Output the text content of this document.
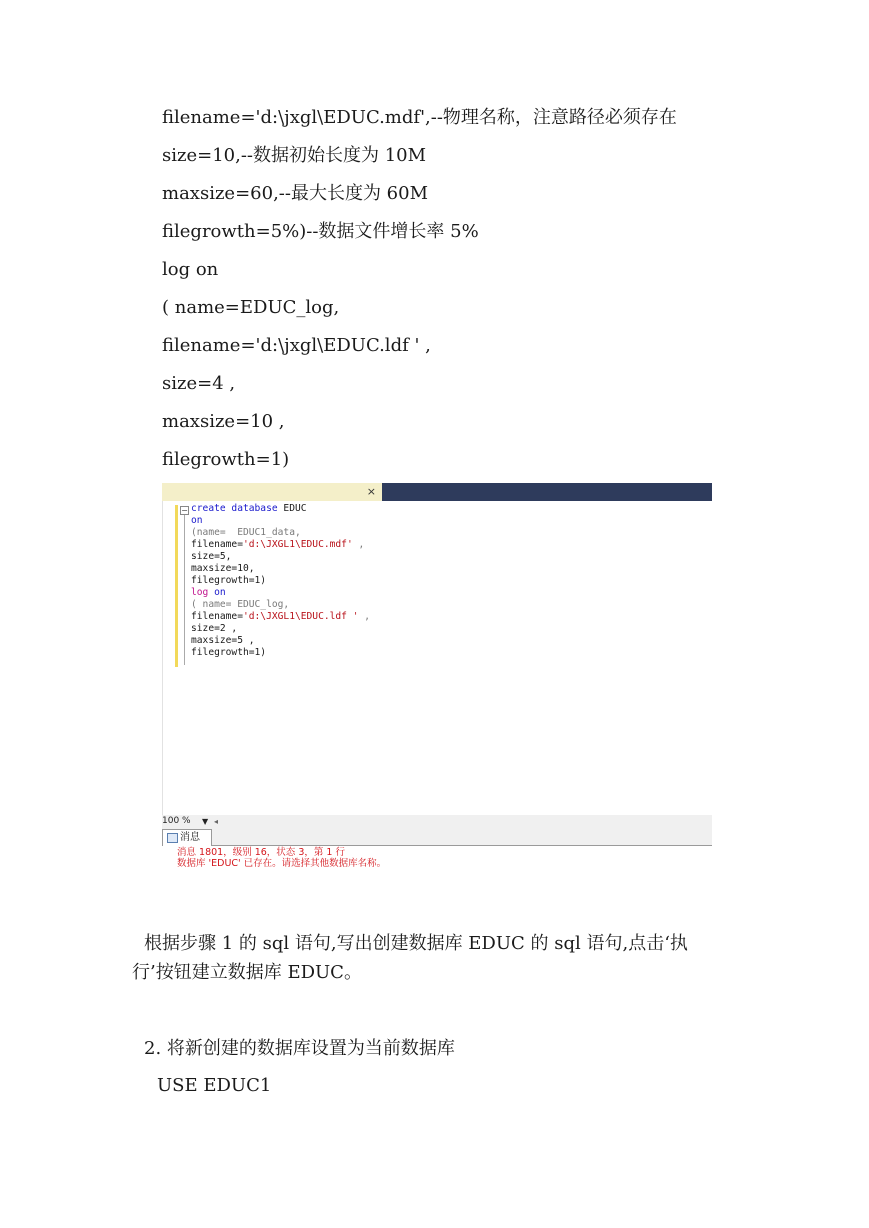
filename='d:\jxgl\EDUC.mdf',--物理名称，注意路径必须存在
size=10,--数据初始长度为 10M
maxsize=60,--最大长度为 60M
filegrowth=5%)--数据文件增长率 5%
log on
( name=EDUC_log,
filename='d:\jxgl\EDUC.ldf ' ,
size=4 ,
maxsize=10 ,
filegrowth=1)

×

− create database EDUC
on
(name=  EDUC1_data,
filename='d:\JXGL1\EDUC.mdf' ,
size=5,
maxsize=10,
filegrowth=1)
log on
( name= EDUC_log,
filename='d:\JXGL1\EDUC.ldf ' ,
size=2 ,
maxsize=5 ,
filegrowth=1)
100 % ▼ ◂
消息
消息 1801，级别 16，状态 3，第 1 行
数据库 'EDUC' 已存在。请选择其他数据库名称。
根据步骤 1 的 sql 语句,写出创建数据库 EDUC 的 sql 语句,点击‘执
行’按钮建立数据库 EDUC。
2. 将新创建的数据库设置为当前数据库
USE EDUC1
